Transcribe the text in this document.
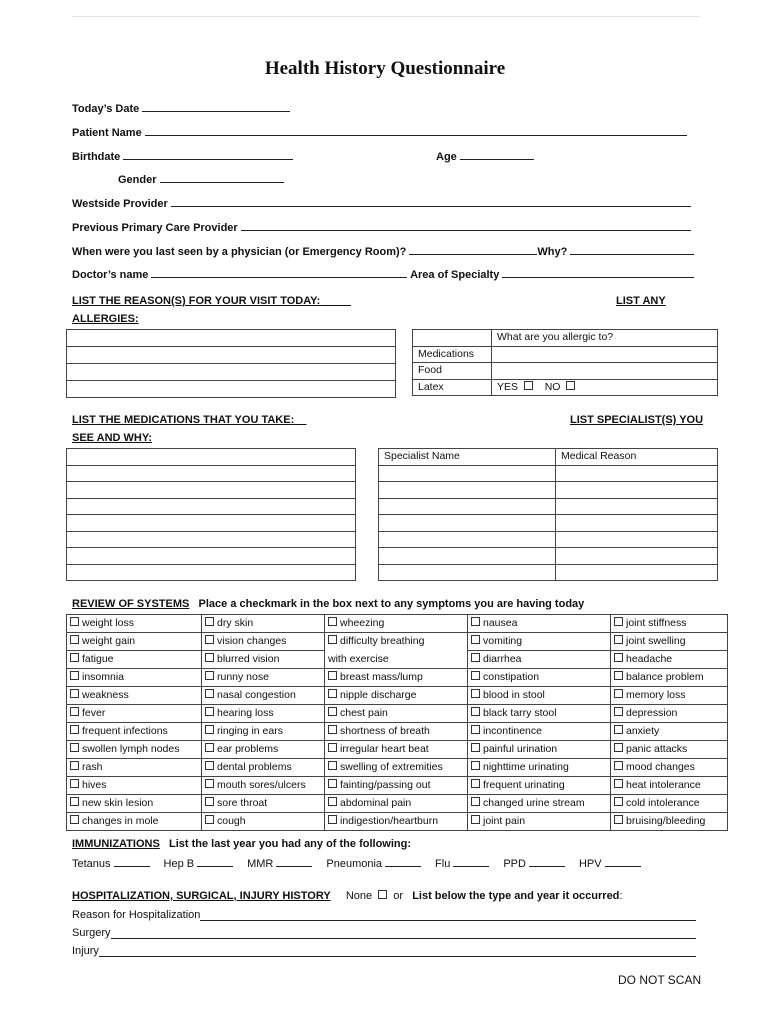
Health History Questionnaire
Today’s Date
Patient Name
Birthdate	Age
Gender
Westside Provider
Previous Primary Care Provider
When were you last seen by a physician (or Emergency Room)?	Why?
Doctor’s name	Area of Specialty
LIST THE REASON(S) FOR YOUR VISIT TODAY:	LIST ANY
ALLERGIES:

	What are you allergic to?
Medications	
Food	
Latex	YES NO
LIST THE MEDICATIONS THAT YOU TAKE:	LIST SPECIALIST(S) YOU
SEE AND WHY:

Specialist Name	Medical Reason

REVIEW OF SYSTEMS Place a checkmark in the box next to any symptoms you are having today
weight loss	dry skin	wheezing	nausea	joint stiffness
weight gain	vision changes	difficulty breathing	vomiting	joint swelling
fatigue	blurred vision	with exercise	diarrhea	headache
insomnia	runny nose	breast mass/lump	constipation	balance problem
weakness	nasal congestion	nipple discharge	blood in stool	memory loss
fever	hearing loss	chest pain	black tarry stool	depression
frequent infections	ringing in ears	shortness of breath	incontinence	anxiety
swollen lymph nodes	ear problems	irregular heart beat	painful urination	panic attacks
rash	dental problems	swelling of extremities	nighttime urinating	mood changes
hives	mouth sores/ulcers	fainting/passing out	frequent urinating	heat intolerance
new skin lesion	sore throat	abdominal pain	changed urine stream	cold intolerance
changes in mole	cough	indigestion/heartburn	joint pain	bruising/bleeding
IMMUNIZATIONS List the last year you had any of the following:
Tetanus	Hep B	MMR	Pneumonia	Flu	PPD	HPV
HOSPITALIZATION, SURGICAL, INJURY HISTORY None or List below the type and year it occurred:
Reason for Hospitalization
Surgery
Injury
DO NOT SCAN
